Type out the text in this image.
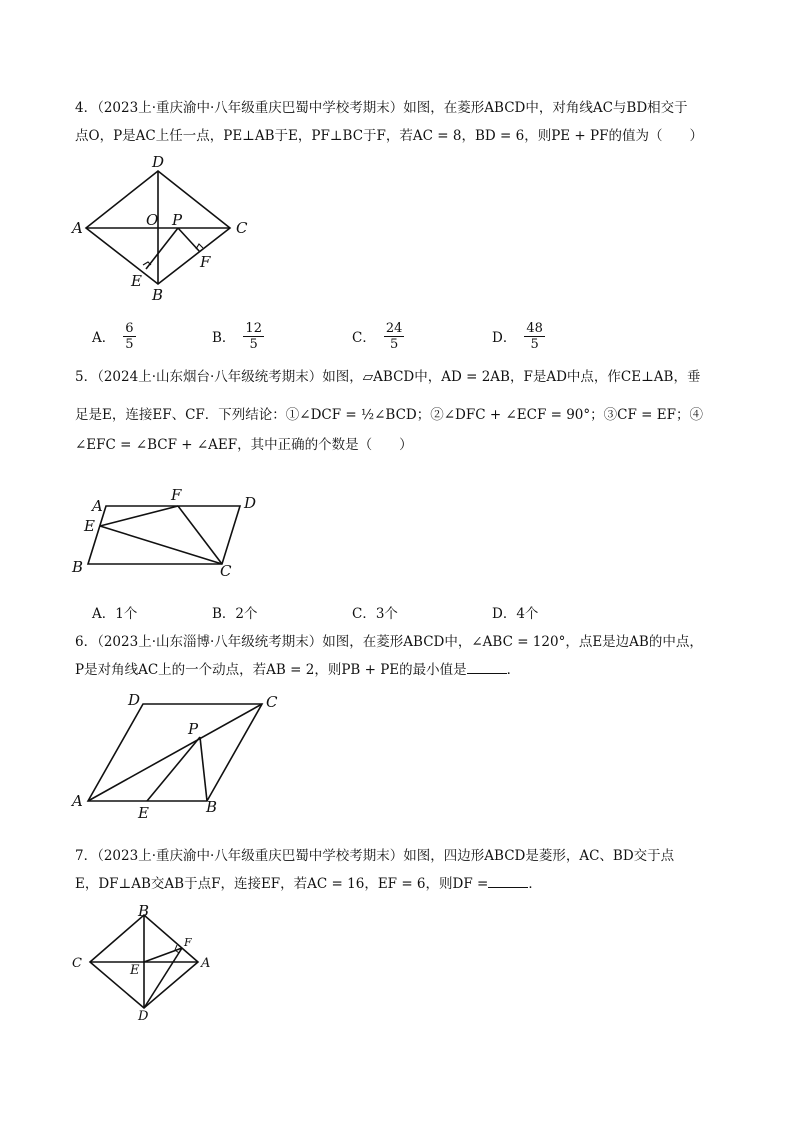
4．（2023上·重庆渝中·八年级重庆巴蜀中学校考期末）如图，在菱形ABCD中，对角线AC与BD相交于

点O，P是AC上任一点，PE⊥AB于E，PF⊥BC于F，若AC = 8，BD = 6，则PE + PF的值为（　　）

D
A	C
O P
E
B
F
A． $\frac{6}{5}$	B． $\frac{12}{5}$	C． $\frac{24}{5}$	D． $\frac{48}{5}$

5．（2024上·山东烟台·八年级统考期末）如图，▱ABCD中，AD = 2AB，F是AD中点，作CE⊥AB，垂

足是E，连接EF、CF．下列结论：①∠DCF = ½∠BCD；②∠DFC + ∠ECF = 90°；③CF = EF；④

∠EFC = ∠BCF + ∠AEF，其中正确的个数是（　　）

A
F	D
E
B	C
A．1个	B．2个	C．3个	D．4个

6．（2023上·山东淄博·八年级统考期末）如图，在菱形ABCD中，∠ABC = 120°，点E是边AB的中点，

P是对角线AC上的一个动点，若AB = 2，则PB + PE的最小值是	．

D	C
P
A	B
E

7．（2023上·重庆渝中·八年级重庆巴蜀中学校考期末）如图，四边形ABCD是菱形，AC、BD交于点

E，DF⊥AB交AB于点F，连接EF，若AC = 16，EF = 6，则DF =	．

B
C	E
F
A
D
